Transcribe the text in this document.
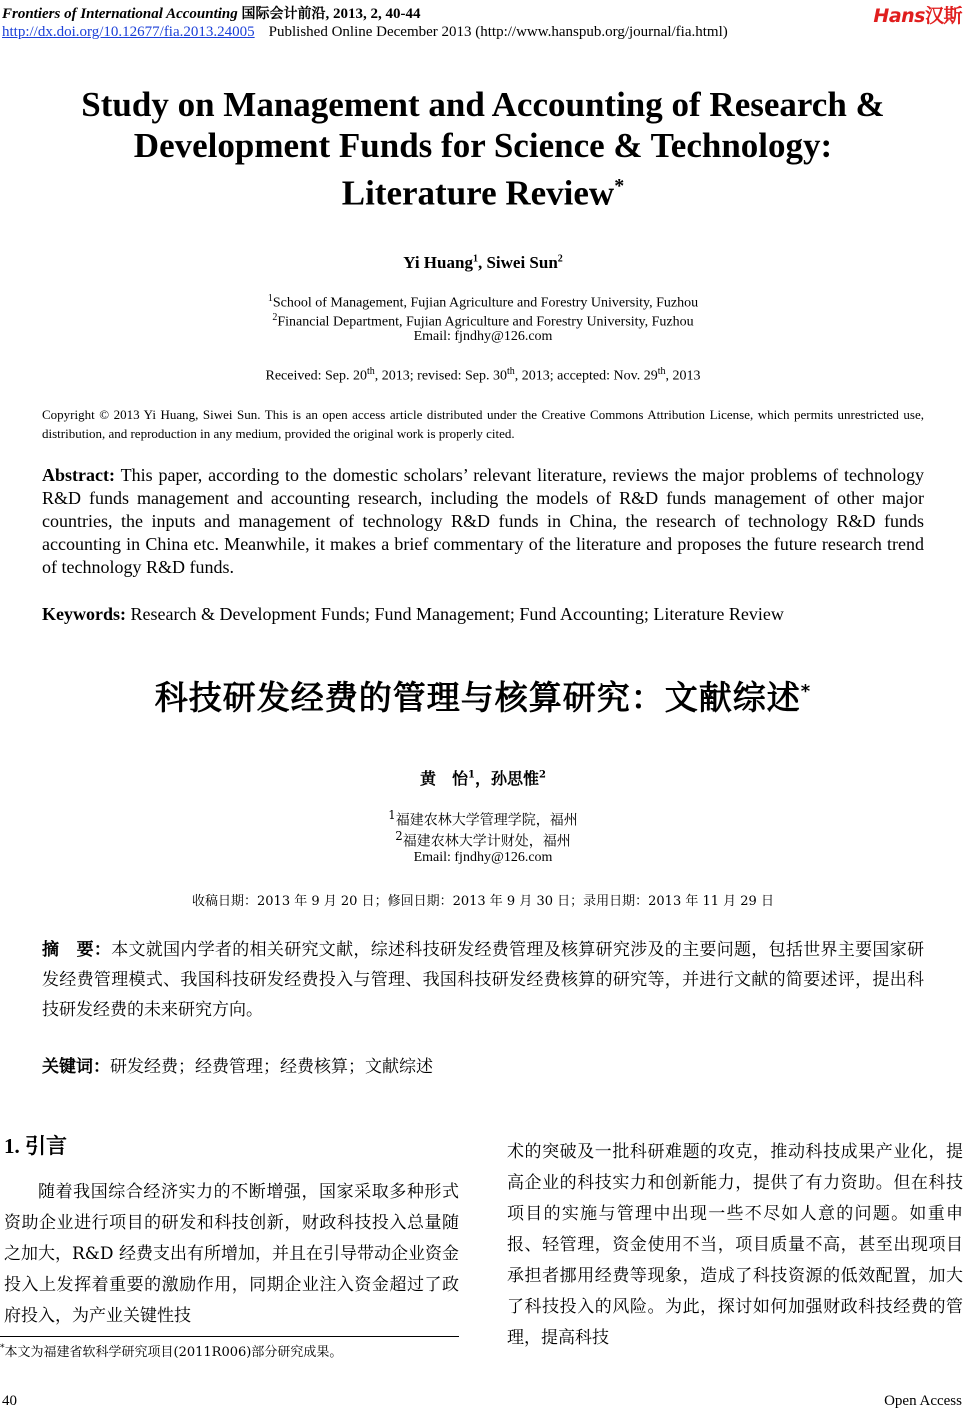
Frontiers of International Accounting 国际会计前沿, 2013, 2, 40-44	Hans汉斯
http://dx.doi.org/10.12677/fia.2013.24005 Published Online December 2013 (http://www.hanspub.org/journal/fia.html)
Study on Management and Accounting of Research &
Development Funds for Science & Technology:
Literature Review*
Yi Huang$^1$, Siwei Sun$^2$
$^1$School of Management, Fujian Agriculture and Forestry University, Fuzhou
$^2$Financial Department, Fujian Agriculture and Forestry University, Fuzhou
Email: fjndhy@126.com
Received: Sep. 20th, 2013; revised: Sep. 30th, 2013; accepted: Nov. 29th, 2013
Copyright © 2013 Yi Huang, Siwei Sun. This is an open access article distributed under the Creative Commons Attribution License, which permits unrestricted use, distribution, and reproduction in any medium, provided the original work is properly cited.
Abstract: This paper, according to the domestic scholars’ relevant literature, reviews the major problems of technology R&D funds management and accounting research, including the models of R&D funds management of other major countries, the inputs and management of technology R&D funds in China, the research of technology R&D funds accounting in China etc. Meanwhile, it makes a brief commentary of the literature and proposes the future research trend of technology R&D funds.
Keywords: Research & Development Funds; Fund Management; Fund Accounting; Literature Review
科技研发经费的管理与核算研究：文献综述*
黄　怡$^1$，孙思惟$^2$
$^1$福建农林大学管理学院，福州
$^2$福建农林大学计财处，福州
Email: fjndhy@126.com
收稿日期：2013 年 9 月 20 日；修回日期：2013 年 9 月 30 日；录用日期：2013 年 11 月 29 日
摘　要：本文就国内学者的相关研究文献，综述科技研发经费管理及核算研究涉及的主要问题，包括世界主要国家研发经费管理模式、我国科技研发经费投入与管理、我国科技研发经费核算的研究等，并进行文献的简要述评，提出科技研发经费的未来研究方向。
关键词：研发经费；经费管理；经费核算；文献综述
1. 引言
随着我国综合经济实力的不断增强，国家采取多种形式资助企业进行项目的研发和科技创新，财政科技投入总量随之加大，R&D 经费支出有所增加，并且在引导带动企业资金投入上发挥着重要的激励作用，同期企业注入资金超过了政府投入，为产业关键性技
术的突破及一批科研难题的攻克，推动科技成果产业化，提高企业的科技实力和创新能力，提供了有力资助。但在科技项目的实施与管理中出现一些不尽如人意的问题。如重申报、轻管理，资金使用不当，项目质量不高，甚至出现项目承担者挪用经费等现象，造成了科技资源的低效配置，加大了科技投入的风险。为此，探讨如何加强财政科技经费的管理，提高科技
*本文为福建省软科学研究项目(2011R006)部分研究成果。
40	Open Access
